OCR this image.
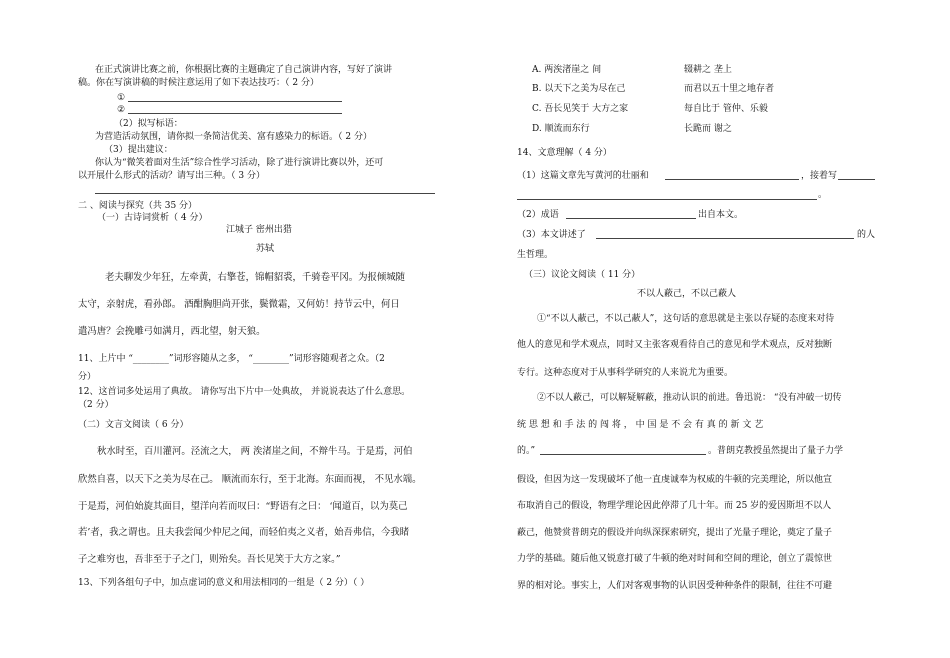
在正式演讲比赛之前，你根据比赛的主题确定了自己演讲内容，写好了演讲
稿。你在写演讲稿的时候注意运用了如下表达技巧：（ 2 分）
①
②
（2）拟写标语：
为营造活动氛围，请你拟一条简洁优美、富有感染力的标语。（ 2 分）
（3）提出建议：
你认为“微笑着面对生活”综合性学习活动，除了进行演讲比赛以外，还可
以开展什么形式的活动？请写出三种。（ 3 分）
二 、阅读与探究（共 35 分）
（一）古诗词赏析（ 4 分）
江城子 密州出猎
苏轼
老夫聊发少年狂，左牵黄，右擎苍，锦帽貂裘，千骑卷平冈。为报倾城随
太守，亲射虎，看孙郎。 酒酣胸胆尚开张，鬓微霜，又何妨！持节云中，何日
遣冯唐？会挽雕弓如满月，西北望，射天狼。
11、上片中 “________”词形容随从之多， “________”词形容随观者之众。（2
分）
12、这首词多处运用了典故。 请你写出下片中一处典故， 并说说表达了什么意思。
（2 分）
（二）文言文阅读（ 6 分）
秋水时至，百川灌河。泾流之大， 两 涘渚崖之间，不辩牛马。于是焉，河伯
欣然自喜，以天下之美为尽在己。 顺流而东行，至于北海。东面而视， 不见水端。
于是焉，河伯始旋其面目，望洋向若而叹曰：“野语有之曰： ‘闻道百，以为莫己
若’者，我之谓也。且夫我尝闻少仲尼之闻，而轻伯夷之义者，始吾弗信，今我睹
子之难穷也，吾非至于子之门，则殆矣。吾长见笑于大方之家。”
13、下列各组句子中，加点虚词的意义和用法相同的一组是（ 2 分）（ ）
A. 两涘渚崖之 间	辍耕之 垄上
B. 以天下之美为尽在己	而君以五十里之地存者
C. 吾长见笑于 大方之家	每自比于 管仲、乐毅
D. 顺流而东行	长跪而 谢之
14、文意理解（ 4 分）
（1）这篇文章先写黄河的壮丽和	，接着写
。
（2）成语	出自本文。
（3）本文讲述了	的人
生哲理。
（三）议论文阅读（ 11 分）
不以人蔽己，不以己蔽人
①“不以人蔽己，不以己蔽人”，这句话的意思就是主张以存疑的态度来对待
他人的意见和学术观点，同时又主张客观看待自己的意见和学术观点，反对独断
专行。这种态度对于从事科学研究的人来说尤为重要。
②不以人蔽己，可以解疑解蔽，推动认识的前进。鲁迅说： “没有冲破一切传
统 思 想 和 手 法 的 闯 将 ， 中 国 是 不 会 有 真 的 新 文 艺
的。”	。普朗克教授虽然提出了量子力学
假设，但因为这一发现破坏了他一直虔诚奉为权威的牛顿的完美理论，所以他宣
布取消自己的假设，物理学理论因此停滞了几十年。而 25 岁的爱因斯坦不以人
蔽己，他赞赏普朗克的假设并向纵深探索研究，提出了光量子理论，奠定了量子
力学的基础。随后他又锐意打破了牛顿的绝对时间和空间的理论，创立了震惊世
界的相对论。事实上，人们对客观事物的认识因受种种条件的限制，往往不可避
